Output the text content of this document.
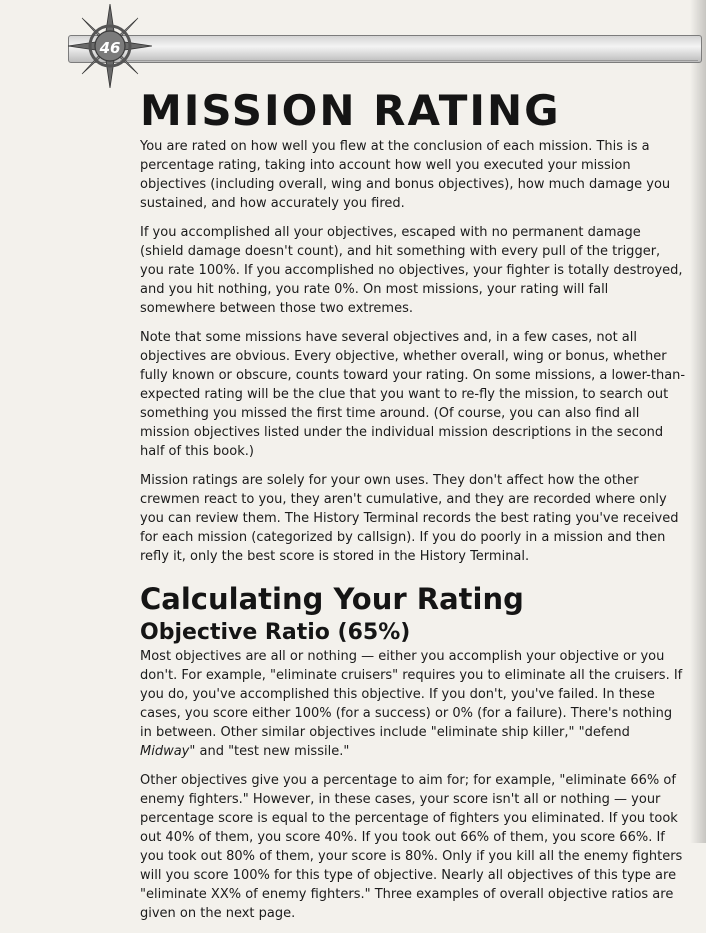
46
MISSION RATING

You are rated on how well you flew at the conclusion of each mission. This is a percentage rating, taking into account how well you executed your mission objectives (including overall, wing and bonus objectives), how much damage you sustained, and how accurately you fired.

If you accomplished all your objectives, escaped with no permanent damage (shield damage doesn't count), and hit something with every pull of the trigger, you rate 100%. If you accomplished no objectives, your fighter is totally destroyed, and you hit nothing, you rate 0%. On most missions, your rating will fall somewhere between those two extremes.

Note that some missions have several objectives and, in a few cases, not all objectives are obvious. Every objective, whether overall, wing or bonus, whether fully known or obscure, counts toward your rating. On some missions, a lower-than-expected rating will be the clue that you want to re-fly the mission, to search out something you missed the first time around. (Of course, you can also find all mission objectives listed under the individual mission descriptions in the second half of this book.)

Mission ratings are solely for your own uses. They don't affect how the other crewmen react to you, they aren't cumulative, and they are recorded where only you can review them. The History Terminal records the best rating you've received for each mission (categorized by callsign). If you do poorly in a mission and then refly it, only the best score is stored in the History Terminal.

Calculating Your Rating
Objective Ratio (65%)

Most objectives are all or nothing — either you accomplish your objective or you don't. For example, "eliminate cruisers" requires you to eliminate all the cruisers. If you do, you've accomplished this objective. If you don't, you've failed. In these cases, you score either 100% (for a success) or 0% (for a failure). There's nothing in between. Other similar objectives include "eliminate ship killer," "defend Midway" and "test new missile."

Other objectives give you a percentage to aim for; for example, "eliminate 66% of enemy fighters." However, in these cases, your score isn't all or nothing — your percentage score is equal to the percentage of fighters you eliminated. If you took out 40% of them, you score 40%. If you took out 66% of them, you score 66%. If you took out 80% of them, your score is 80%. Only if you kill all the enemy fighters will you score 100% for this type of objective. Nearly all objectives of this type are "eliminate XX% of enemy fighters." Three examples of overall objective ratios are given on the next page.
